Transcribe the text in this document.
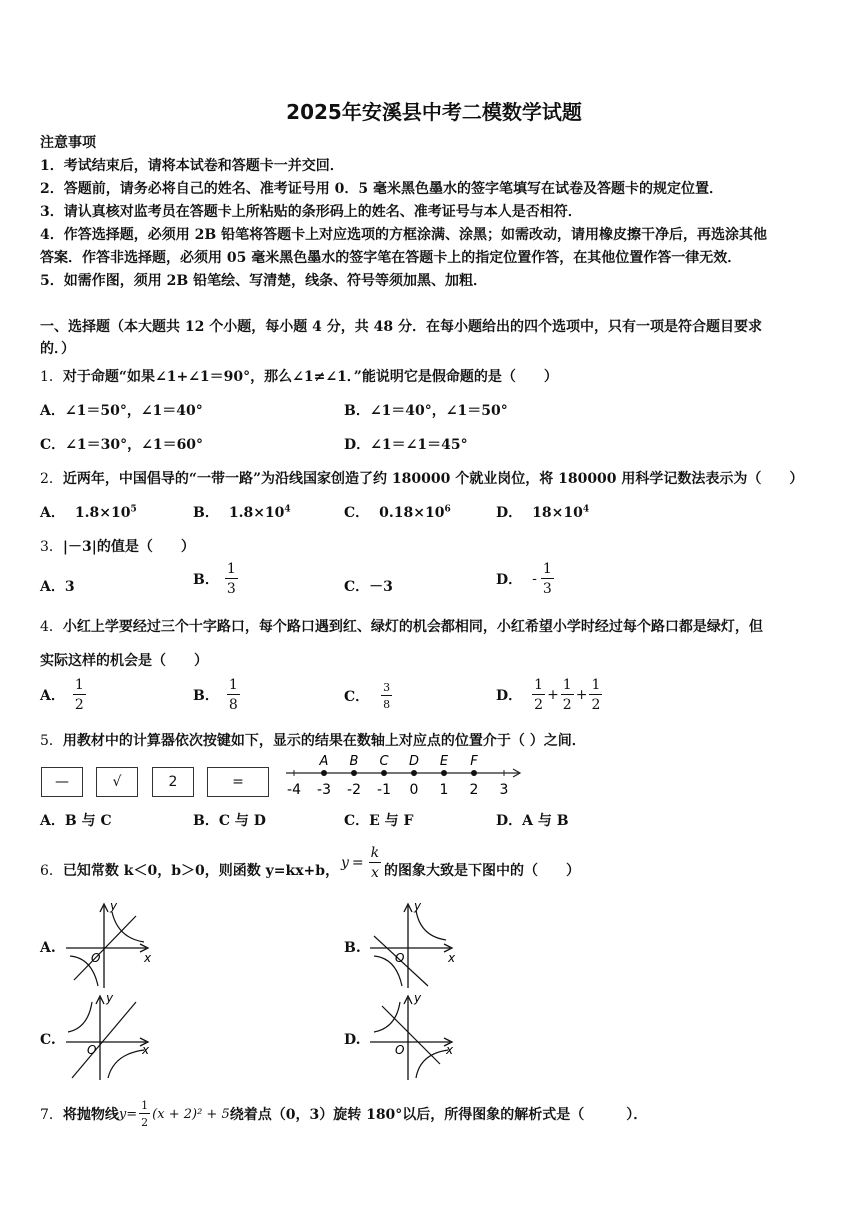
2025年安溪县中考二模数学试题
注意事项
1．考试结束后，请将本试卷和答题卡一并交回．
2．答题前，请务必将自己的姓名、准考证号用 0．5 毫米黑色墨水的签字笔填写在试卷及答题卡的规定位置．
3．请认真核对监考员在答题卡上所粘贴的条形码上的姓名、准考证号与本人是否相符．
4．作答选择题，必须用 2B 铅笔将答题卡上对应选项的方框涂满、涂黑；如需改动，请用橡皮擦干净后，再选涂其他
答案．作答非选择题，必须用 05 毫米黑色墨水的签字笔在答题卡上的指定位置作答，在其他位置作答一律无效．
5．如需作图，须用 2B 铅笔绘、写清楚，线条、符号等须加黑、加粗．
一、选择题（本大题共 12 个小题，每小题 4 分，共 48 分．在每小题给出的四个选项中，只有一项是符合题目要求
的．）
1．对于命题“如果∠1+∠1＝90°，那么∠1≠∠1．”能说明它是假命题的是（　　）
A．∠1＝50°，∠1＝40°	B．∠1＝40°，∠1＝50°
C．∠1＝30°，∠1＝60°	D．∠1＝∠1＝45°
2．近两年，中国倡导的“一带一路”为沿线国家创造了约 180000 个就业岗位，将 180000 用科学记数法表示为（　　）
A． $1.8\times 10^5$	B． $1.8\times 10^4$	C． $0.18\times 10^6$	D． $18\times 10^4$
3．|－3|的值是（　　）
A．3	B． $\frac{1}{3}$	C．－3	D． - $\frac{1}{3}$
4．小红上学要经过三个十字路口，每个路口遇到红、绿灯的机会都相同，小红希望小学时经过每个路口都是绿灯，但
实际这样的机会是（　　）
A． $\frac{1}{2}$	B． $\frac{1}{8}$	C． $\frac{3}{8}$	D． $\frac{1}{2} + \frac{1}{2} + \frac{1}{2}$
5．用教材中的计算器依次按键如下，显示的结果在数轴上对应点的位置介于（ ）之间．
—	√	2	=	-4 -3 -2 -1 0 1 2 3
A B C D E F
A．B 与 C	B．C 与 D	C．E 与 F	D．A 与 B
6．已知常数 k＜0，b＞0，则函数 y=kx+b， $y = \frac{k}{x}$ 的图象大致是下图中的（　　）
A.	B.
C.	D.
y
x
O
y
x
O
y
x
O
y
x
O
7． 将抛物线 $y= \frac{1}{2} (x + 2)^2 + 5$ 绕着点（0，3）旋转 180°以后，所得图象的解析式是（　　　）．
